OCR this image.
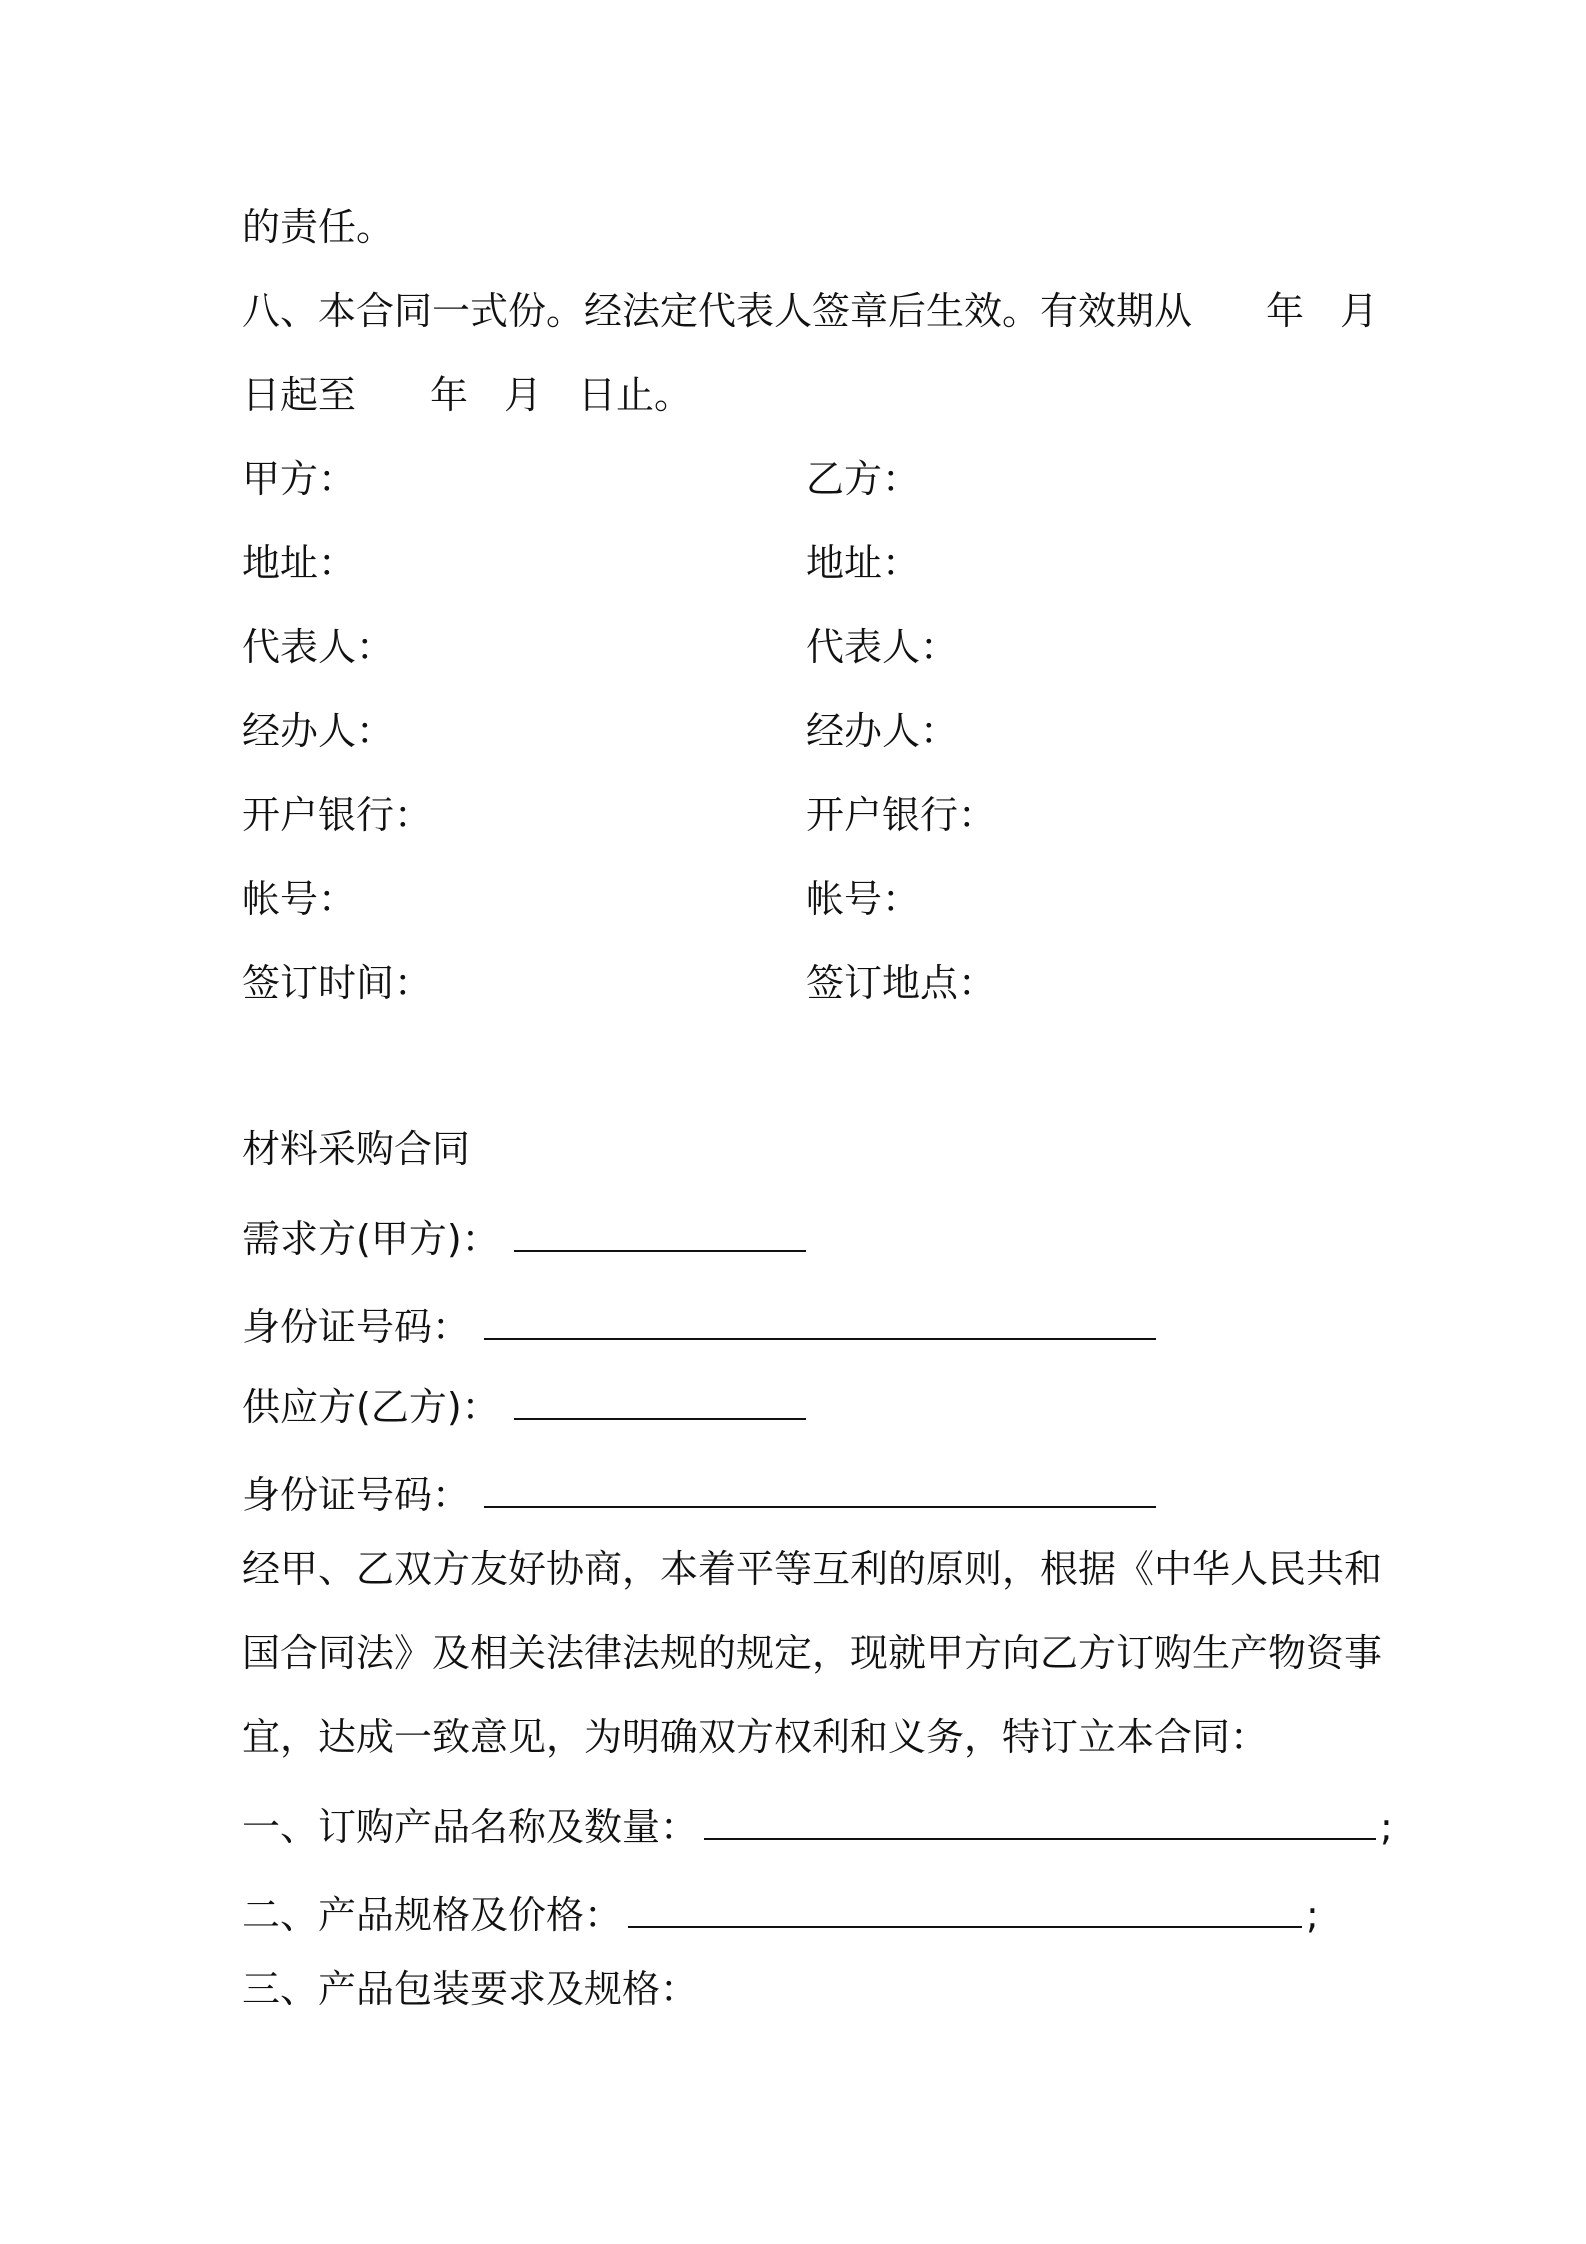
的责任。
八、本合同一式份。经法定代表人签章后生效。有效期从 年 月
日起至 年 月 日止。
甲方：
地址：
代表人：
经办人：
开户银行：
帐号：
签订时间：
乙方：
地址：
代表人：
经办人：
开户银行：
帐号：
签订地点：
材料采购合同
需求方(甲方)：
身份证号码：
供应方(乙方)：
身份证号码：
经甲、乙双方友好协商，本着平等互利的原则，根据《中华人民共和
国合同法》及相关法律法规的规定，现就甲方向乙方订购生产物资事
宜，达成一致意见，为明确双方权利和义务，特订立本合同：
一、订购产品名称及数量：	;
二、产品规格及价格：	;
三、产品包装要求及规格：
